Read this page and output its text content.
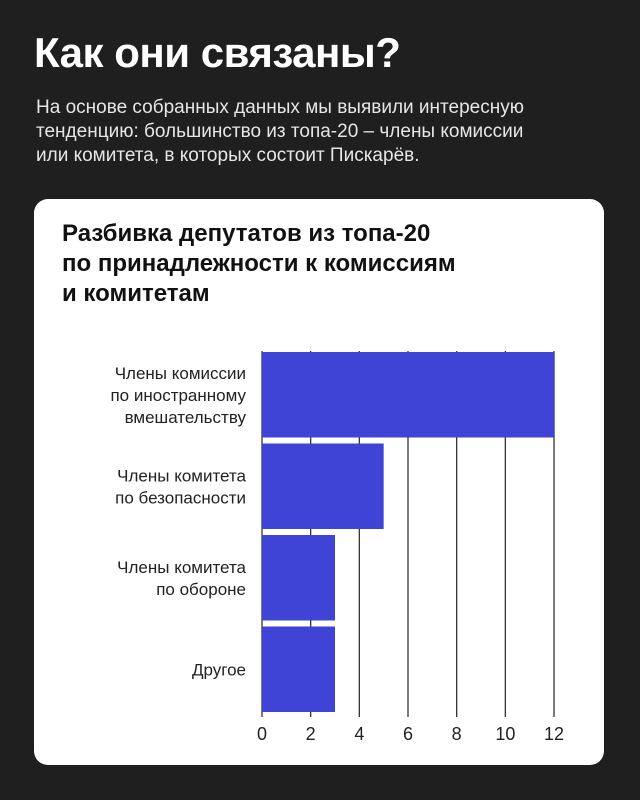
Как они связаны?

На основе собранных данных мы выявили интересную
тенденцию: большинство из топа-20 – члены комиссии
или комитета, в которых состоит Пискарёв.

Разбивка депутатов из топа-20
по принадлежности к комиссиям
и комитетам
0 2 4 6 8 10 12
Члены комиссии по иностранному вмешательству
Члены комитета по безопасности
Члены комитета по обороне
Другое
